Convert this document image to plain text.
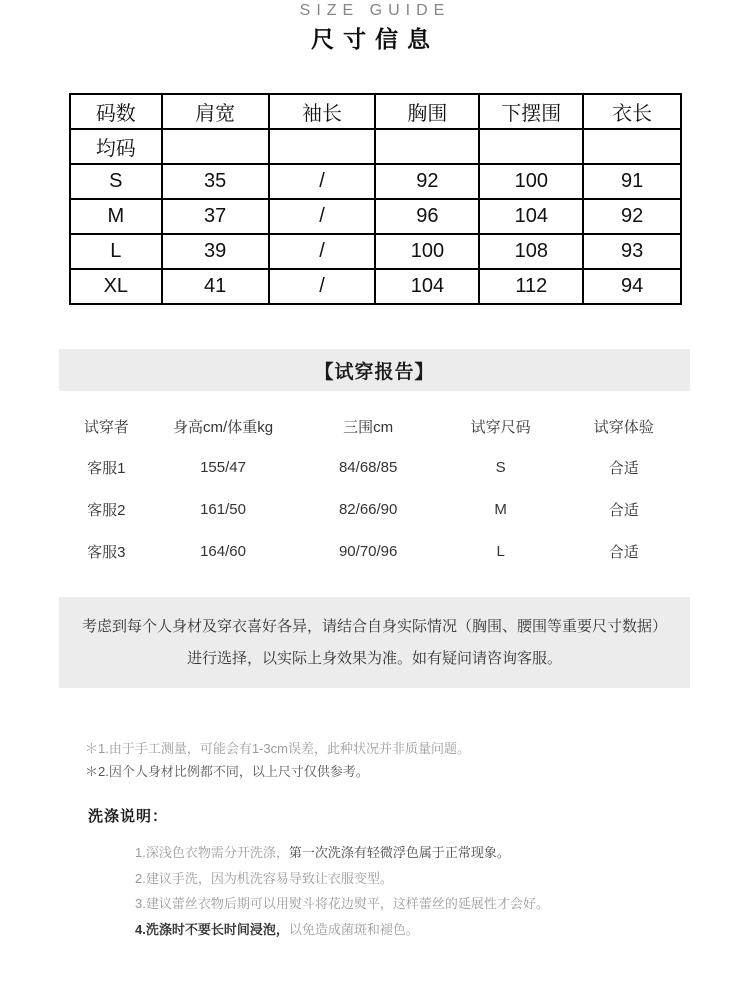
SIZE GUIDE
尺寸信息
码数	肩宽	袖长	胸围	下摆围	衣长
均码					
S	35	/	92	100	91
M	37	/	96	104	92
L	39	/	100	108	93
XL	41	/	104	112	94
【试穿报告】
试穿者	身高cm/体重kg	三围cm	试穿尺码	试穿体验
客服1	155/47	84/68/85	S	合适
客服2	161/50	82/66/90	M	合适
客服3	164/60	90/70/96	L	合适
考虑到每个人身材及穿衣喜好各异，请结合自身实际情况（胸围、腰围等重要尺寸数据）
进行选择，以实际上身效果为准。如有疑问请咨询客服。
＊1.由于手工测量，可能会有1-3cm误差，此种状况并非质量问题。
＊2.因个人身材比例都不同，以上尺寸仅供参考。
洗涤说明：
1.深浅色衣物需分开洗涤，第一次洗涤有轻微浮色属于正常现象。
2.建议手洗，因为机洗容易导致让衣服变型。
3.建议蕾丝衣物后期可以用熨斗将花边熨平，这样蕾丝的延展性才会好。
4.洗涤时不要长时间浸泡，以免造成菌斑和褪色。
